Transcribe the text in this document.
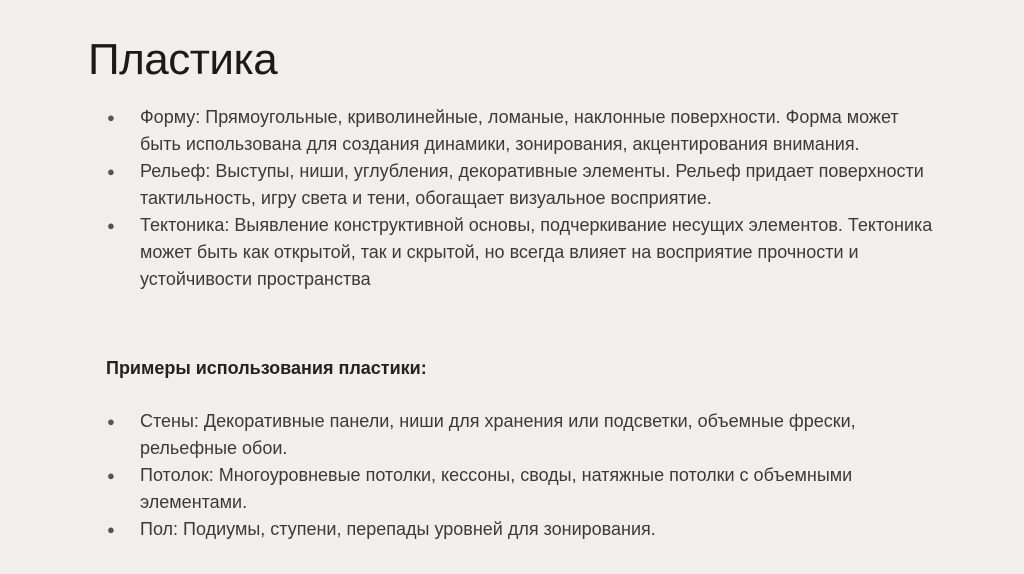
Пластика
● Форму: Прямоугольные, криволинейные, ломаные, наклонные поверхности. Форма может быть использована для создания динамики, зонирования, акцентирования внимания.
● Рельеф: Выступы, ниши, углубления, декоративные элементы. Рельеф придает поверхности тактильность, игру света и тени, обогащает визуальное восприятие.
● Тектоника: Выявление конструктивной основы, подчеркивание несущих элементов. Тектоника может быть как открытой, так и скрытой, но всегда влияет на восприятие прочности и устойчивости пространства
Примеры использования пластики:
● Стены: Декоративные панели, ниши для хранения или подсветки, объемные фрески, рельефные обои.
● Потолок: Многоуровневые потолки, кессоны, своды, натяжные потолки с объемными элементами.
● Пол: Подиумы, ступени, перепады уровней для зонирования.
